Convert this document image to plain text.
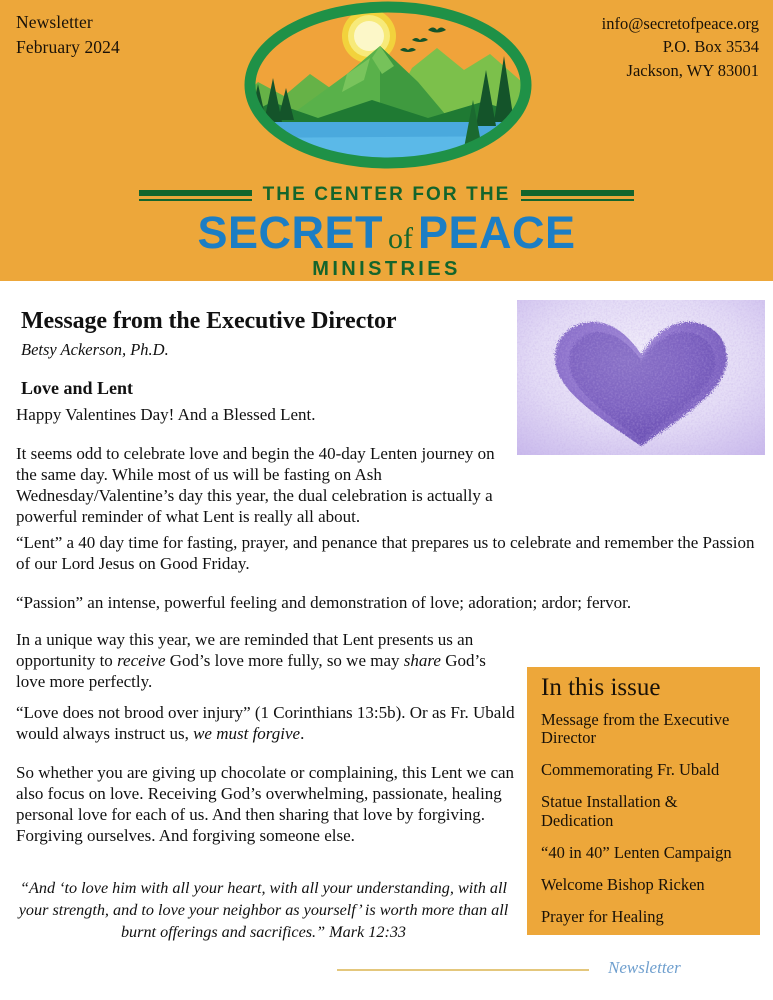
Newsletter
February 2024
info@secretofpeace.org
P.O. Box 3534
Jackson, WY 83001
THE CENTER FOR THE
SECRET of PEACE
MINISTRIES
Message from the Executive Director
Betsy Ackerson, Ph.D.
Love and Lent
Happy Valentines Day! And a Blessed Lent.
It seems odd to celebrate love and begin the 40-day Lenten journey on the same day. While most of us will be fasting on Ash Wednesday/Valentine’s day this year, the dual celebration is actually a powerful reminder of what Lent is really all about.
“Lent” a 40 day time for fasting, prayer, and penance that prepares us to celebrate and remember the Passion of our Lord Jesus on Good Friday.
“Passion” an intense, powerful feeling and demonstration of love; adoration; ardor; fervor.
In a unique way this year, we are reminded that Lent presents us an opportunity to receive God’s love more fully, so we may share God’s love more perfectly.
“Love does not brood over injury” (1 Corinthians 13:5b). Or as Fr. Ubald would always instruct us, we must forgive.
So whether you are giving up chocolate or complaining, this Lent we can also focus on love. Receiving God’s overwhelming, passionate, healing personal love for each of us. And then sharing that love by forgiving. Forgiving ourselves. And forgiving someone else.
“And ‘to love him with all your heart, with all your understanding, with all your strength, and to love your neighbor as yourself’ is worth more than all burnt offerings and sacrifices.” Mark 12:33
In this issue
Message from the Executive Director
Commemorating Fr. Ubald
Statue Installation & Dedication
“40 in 40” Lenten Campaign
Welcome Bishop Ricken
Prayer for Healing
Newsletter
